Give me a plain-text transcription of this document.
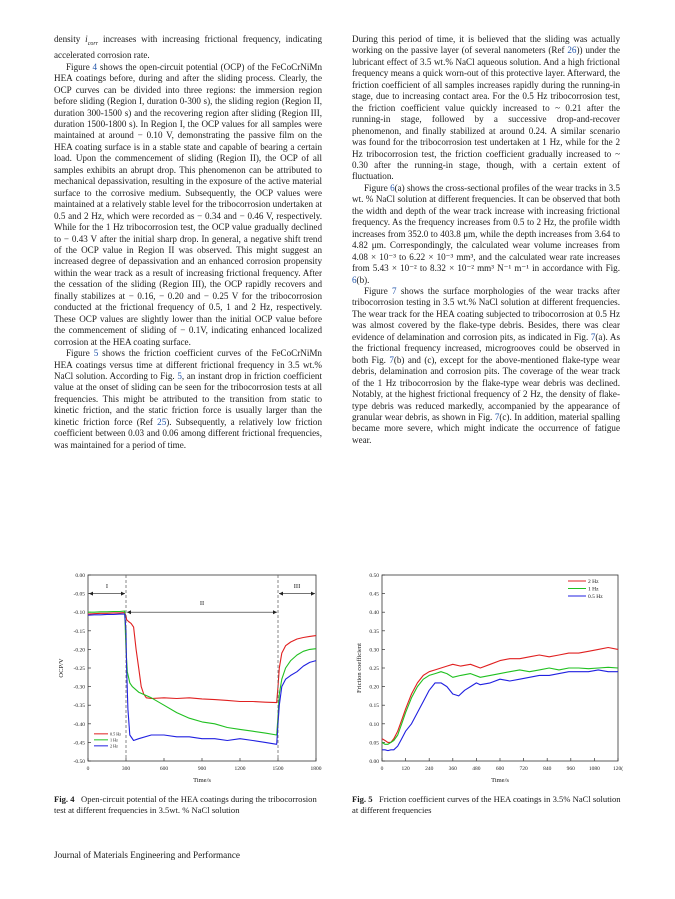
density $i_{corr}$ increases with increasing frictional frequency, indicating accelerated corrosion rate.

Figure 4 shows the open-circuit potential (OCP) of the FeCoCrNiMn HEA coatings before, during and after the sliding process. Clearly, the OCP curves can be divided into three regions: the immersion region before sliding (Region I, duration 0-300 s), the sliding region (Region II, duration 300-1500 s) and the recovering region after sliding (Region III, duration 1500-1800 s). In Region I, the OCP values for all samples were maintained at around − 0.10 V, demonstrating the passive film on the HEA coating surface is in a stable state and capable of bearing a certain load. Upon the commencement of sliding (Region II), the OCP of all samples exhibits an abrupt drop. This phenomenon can be attributed to mechanical depassivation, resulting in the exposure of the active material surface to the corrosive medium. Subsequently, the OCP values were maintained at a relatively stable level for the tribocorrosion undertaken at 0.5 and 2 Hz, which were recorded as − 0.34 and − 0.46 V, respectively. While for the 1 Hz tribocorrosion test, the OCP value gradually declined to − 0.43 V after the initial sharp drop. In general, a negative shift trend of the OCP value in Region II was observed. This might suggest an increased degree of depassivation and an enhanced corrosion propensity within the wear track as a result of increasing frictional frequency. After the cessation of the sliding (Region III), the OCP rapidly recovers and finally stabilizes at − 0.16, − 0.20 and − 0.25 V for the tribocorrosion conducted at the frictional frequency of 0.5, 1 and 2 Hz, respectively. These OCP values are slightly lower than the initial OCP value before the commencement of sliding of − 0.1V, indicating enhanced localized corrosion at the HEA coating surface.

Figure 5 shows the friction coefficient curves of the FeCoCrNiMn HEA coatings versus time at different frictional frequency in 3.5 wt.% NaCl solution. According to Fig. 5, an instant drop in friction coefficient value at the onset of sliding can be seen for the tribocorrosion tests at all frequencies. This might be attributed to the transition from static to kinetic friction, and the static friction force is usually larger than the kinetic friction force (Ref 25). Subsequently, a relatively low friction coefficient between 0.03 and 0.06 among different frictional frequencies, was maintained for a period of time.

During this period of time, it is believed that the sliding was actually working on the passive layer (of several nanometers (Ref 26)) under the lubricant effect of 3.5 wt.% NaCl aqueous solution. And a high frictional frequency means a quick worn-out of this protective layer. Afterward, the friction coefficient of all samples increases rapidly during the running-in stage, due to increasing contact area. For the 0.5 Hz tribocorrosion test, the friction coefficient value quickly increased to ~ 0.21 after the running-in stage, followed by a successive drop-and-recover phenomenon, and finally stabilized at around 0.24. A similar scenario was found for the tribocorrosion test undertaken at 1 Hz, while for the 2 Hz tribocorrosion test, the friction coefficient gradually increased to ~ 0.30 after the running-in stage, though, with a certain extent of fluctuation.

Figure 6(a) shows the cross-sectional profiles of the wear tracks in 3.5 wt. % NaCl solution at different frequencies. It can be observed that both the width and depth of the wear track increase with increasing frictional frequency. As the frequency increases from 0.5 to 2 Hz, the profile width increases from 352.0 to 403.8 μm, while the depth increases from 3.64 to 4.82 μm. Correspondingly, the calculated wear volume increases from 4.08 × 10⁻³ to 6.22 × 10⁻³ mm³, and the calculated wear rate increases from 5.43 × 10⁻² to 8.32 × 10⁻² mm³ N⁻¹ m⁻¹ in accordance with Fig. 6(b).

Figure 7 shows the surface morphologies of the wear tracks after tribocorrosion testing in 3.5 wt.% NaCl solution at different frequencies. The wear track for the HEA coating subjected to tribocorrosion at 0.5 Hz was almost covered by the flake-type debris. Besides, there was clear evidence of delamination and corrosion pits, as indicated in Fig. 7(a). As the frictional frequency increased, microgrooves could be observed in both Fig. 7(b) and (c), except for the above-mentioned flake-type wear debris, delamination and corrosion pits. The coverage of the wear track of the 1 Hz tribocorrosion by the flake-type wear debris was declined. Notably, at the highest frictional frequency of 2 Hz, the density of flake-type debris was reduced markedly, accompanied by the appearance of granular wear debris, as shown in Fig. 7(c). In addition, material spalling became more severe, which might indicate the occurrence of fatigue wear.

0	300	600	900	1200	1500	1800
0.00
-0.05
-0.10
-0.15
-0.20
-0.25
-0.30
-0.35
-0.40
-0.45
-0.50
Time/s
OCP/V
I
II
III
0.5 Hz
1 Hz
2 Hz
0	120	240	360	480	600	720	840	960	1080 120(
0.00
0.05
0.10
0.15
0.20
0.25
0.30
0.35
0.40
0.45
0.50
Time/s
Friction coefficient
2 Hz
1 Hz
0.5 Hz
Fig. 4 Open-circuit potential of the HEA coatings during the tribocorrosion test at different frequencies in 3.5wt. % NaCl solution
Fig. 5 Friction coefficient curves of the HEA coatings in 3.5% NaCl solution at different frequencies
Journal of Materials Engineering and Performance
